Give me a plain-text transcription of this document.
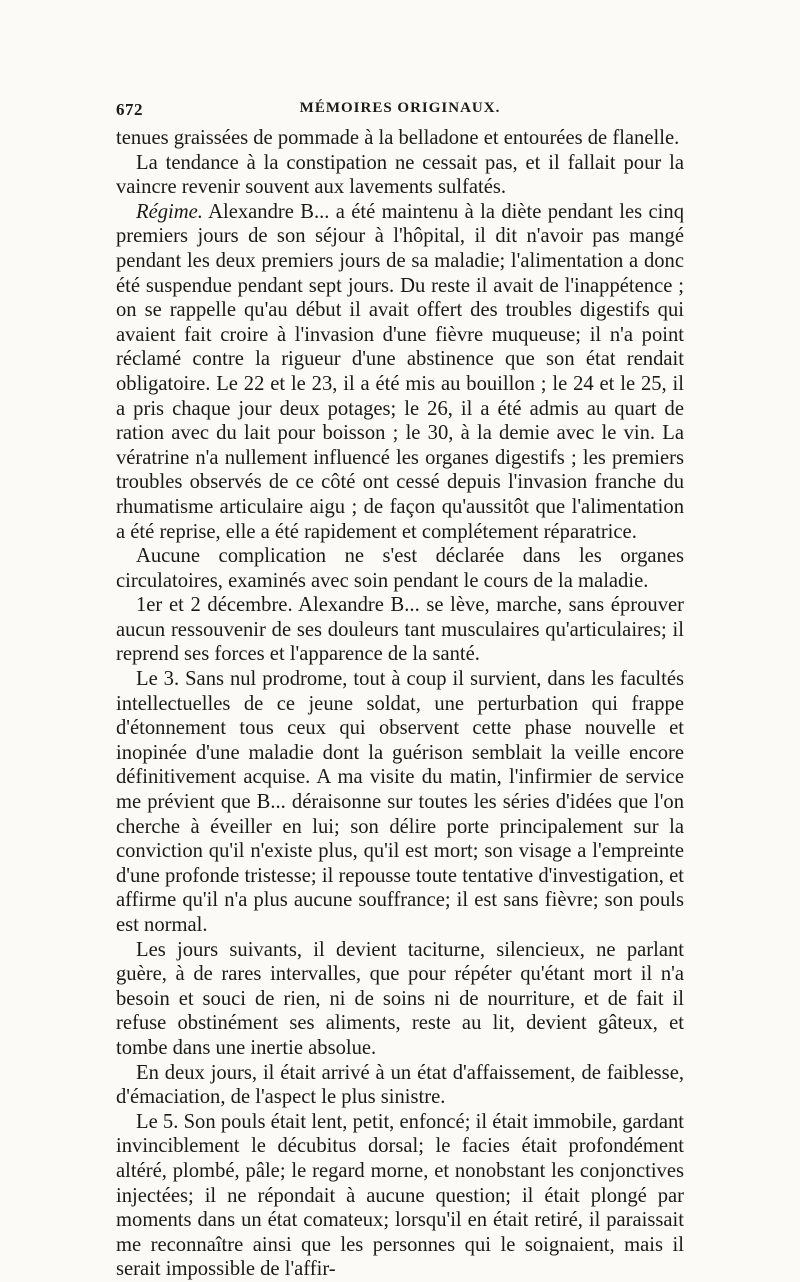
672	MÉMOIRES ORIGINAUX.

tenues graissées de pommade à la belladone et entourées de flanelle.

La tendance à la constipation ne cessait pas, et il fallait pour la vaincre revenir souvent aux lavements sulfatés.

Régime. Alexandre B... a été maintenu à la diète pendant les cinq premiers jours de son séjour à l'hôpital, il dit n'avoir pas mangé pendant les deux premiers jours de sa maladie; l'alimentation a donc été suspendue pendant sept jours. Du reste il avait de l'inappétence ; on se rappelle qu'au début il avait offert des troubles digestifs qui avaient fait croire à l'invasion d'une fièvre muqueuse; il n'a point réclamé contre la rigueur d'une abstinence que son état rendait obligatoire. Le 22 et le 23, il a été mis au bouillon ; le 24 et le 25, il a pris chaque jour deux potages; le 26, il a été admis au quart de ration avec du lait pour boisson ; le 30, à la demie avec le vin. La vératrine n'a nullement influencé les organes digestifs ; les premiers troubles observés de ce côté ont cessé depuis l'invasion franche du rhumatisme articulaire aigu ; de façon qu'aussitôt que l'alimentation a été reprise, elle a été rapidement et complétement réparatrice.

Aucune complication ne s'est déclarée dans les organes circulatoires, examinés avec soin pendant le cours de la maladie.

1er et 2 décembre. Alexandre B... se lève, marche, sans éprouver aucun ressouvenir de ses douleurs tant musculaires qu'articulaires; il reprend ses forces et l'apparence de la santé.

Le 3. Sans nul prodrome, tout à coup il survient, dans les facultés intellectuelles de ce jeune soldat, une perturbation qui frappe d'étonnement tous ceux qui observent cette phase nouvelle et inopinée d'une maladie dont la guérison semblait la veille encore définitivement acquise. A ma visite du matin, l'infirmier de service me prévient que B... déraisonne sur toutes les séries d'idées que l'on cherche à éveiller en lui; son délire porte principalement sur la conviction qu'il n'existe plus, qu'il est mort; son visage a l'empreinte d'une profonde tristesse; il repousse toute tentative d'investigation, et affirme qu'il n'a plus aucune souffrance; il est sans fièvre; son pouls est normal.

Les jours suivants, il devient taciturne, silencieux, ne parlant guère, à de rares intervalles, que pour répéter qu'étant mort il n'a besoin et souci de rien, ni de soins ni de nourriture, et de fait il refuse obstinément ses aliments, reste au lit, devient gâteux, et tombe dans une inertie absolue.

En deux jours, il était arrivé à un état d'affaissement, de faiblesse, d'émaciation, de l'aspect le plus sinistre.

Le 5. Son pouls était lent, petit, enfoncé; il était immobile, gardant invinciblement le décubitus dorsal; le facies était profondément altéré, plombé, pâle; le regard morne, et nonobstant les conjonctives injectées; il ne répondait à aucune question; il était plongé par moments dans un état comateux; lorsqu'il en était retiré, il paraissait me reconnaître ainsi que les personnes qui le soignaient, mais il serait impossible de l'affir-
